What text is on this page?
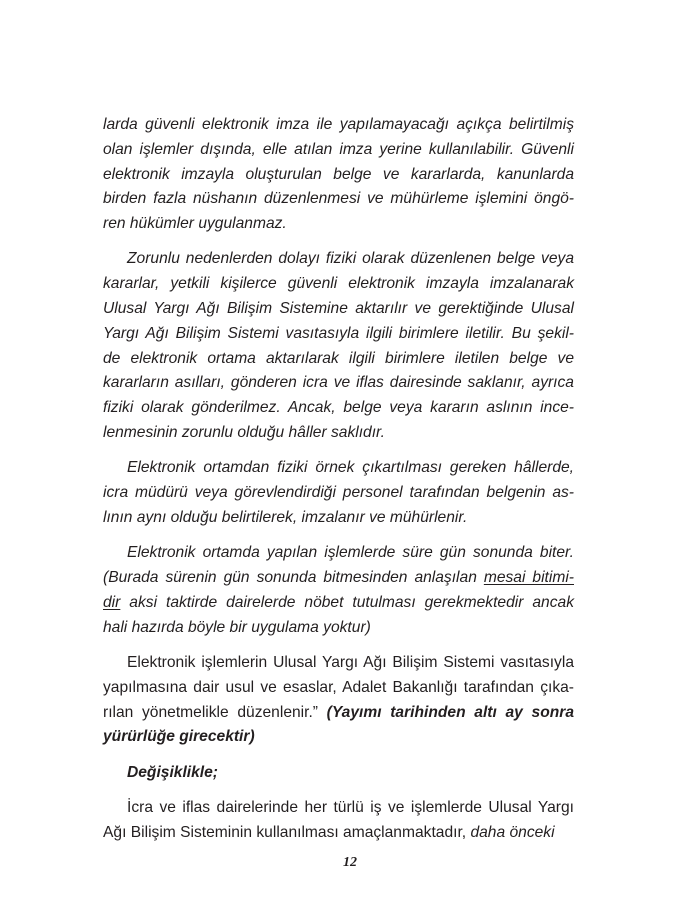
larda güvenli elektronik imza ile yapılamayacağı açıkça belirtilmiş
olan işlemler dışında, elle atılan imza yerine kullanılabilir. Güvenli
elektronik imzayla oluşturulan belge ve kararlarda, kanunlarda
birden fazla nüshanın düzenlenmesi ve mühürleme işlemini öngö-
ren hükümler uygulanmaz.
Zorunlu nedenlerden dolayı fiziki olarak düzenlenen belge veya
kararlar, yetkili kişilerce güvenli elektronik imzayla imzalanarak
Ulusal Yargı Ağı Bilişim Sistemine aktarılır ve gerektiğinde Ulusal
Yargı Ağı Bilişim Sistemi vasıtasıyla ilgili birimlere iletilir. Bu şekil-
de elektronik ortama aktarılarak ilgili birimlere iletilen belge ve
kararların asılları, gönderen icra ve iflas dairesinde saklanır, ayrıca
fiziki olarak gönderilmez. Ancak, belge veya kararın aslının ince-
lenmesinin zorunlu olduğu hâller saklıdır.
Elektronik ortamdan fiziki örnek çıkartılması gereken hâllerde,
icra müdürü veya görevlendirdiği personel tarafından belgenin as-
lının aynı olduğu belirtilerek, imzalanır ve mühürlenir.
Elektronik ortamda yapılan işlemlerde süre gün sonunda biter.
(Burada sürenin gün sonunda bitmesinden anlaşılan mesai bitimi-
dir aksi taktirde dairelerde nöbet tutulması gerekmektedir ancak
hali hazırda böyle bir uygulama yoktur)
Elektronik işlemlerin Ulusal Yargı Ağı Bilişim Sistemi vasıtasıyla
yapılmasına dair usul ve esaslar, Adalet Bakanlığı tarafından çıka-
rılan yönetmelikle düzenlenir.” (Yayımı tarihinden altı ay sonra
yürürlüğe girecektir)
Değişiklikle;
İcra ve iflas dairelerinde her türlü iş ve işlemlerde Ulusal Yargı
Ağı Bilişim Sisteminin kullanılması amaçlanmaktadır, daha önceki
12
